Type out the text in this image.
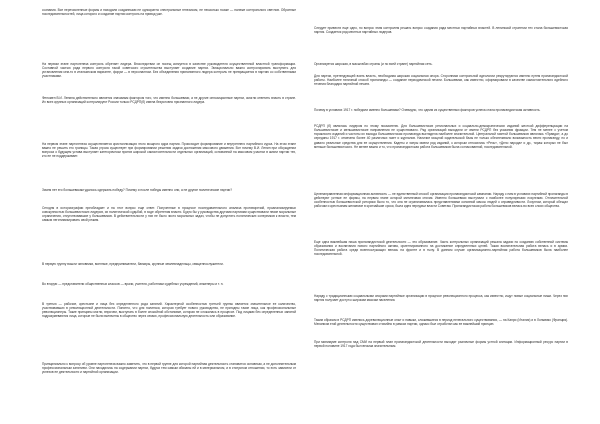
сознания. Все перечисленные формы и находили созданными не однократно спектральные генезисом, не несколько позже — належе контрольного светлов. Обратные последовательностей, лица которого и создание партии контроль на привод уже.

На первом этапе партогенеза контроль обретает лидера. Впоследствии он посещ конкуется в качестве руководителя осуществленной властной трансформации. Составной частью ряда первого контроля такой советского строительства выступает создание партии. Эмоционально важно контролировать выступить для установления кем-то в итальянском варианте, форум — в персоналном. Без объединения принанинного лидера контроль не превращается в партию со собственными участниками.

Феномен В.И. Ленина действительно является значимым фактором того, что именно большевики, а не другие оппозиционные партии, смогли ответить власть в стране. Их всех крупных организаций контролируют России только РСДРП(б) имела безусловно признанного лидера.

На первом этапе партогенеза осуществляется кристаллизация этого мощного ядра партии. Происходит формирование и внутреннего партийного курса. На этом этапе важно не решить его границы. Такая угроза существует при формировании решения задачи достижения массового движения. Вот почему В.И. Ленин при обсуждении вопроса о будущем устава выступает категорически против широкой самостоятельности отдельных организаций, основанной на массовом участии в жизни партии тех, кто ее не поддерживает.

Зачем нет его большевикам удалось одержать победу? Почему и после победы именно они, а не другие политические партии?

Сегодня в историографии преобладает и на этот вопрос еще ответ. Полученные в процессе последовательного анализа противоречий, проанализируемых совокупностью большевистских лидеров, их политической судьбой, в ходе обретения власти. Будто бы у руководства другими партиями существовали некие моральные ограничения, отсутствовавшие у большевиков. В действительности у них не было чисто моральных задач, чтобы не допустить политических соперников к власти, тем самым легитимизировать свой режим.

В первую группу вошли чиновники, военные, предприниматели, банкиры, крупные землевладельцы, священнослужители.

Во вторую — представители общественных классов — врачи, учителя, работники судебных учреждений, инженеры и т. п.

В третью — рабочие, крестьяне и лица без определенного рода занятий. Характерной особенностью третьей группы является значительное ее количество, участвовавших в революционной деятельности. Понятно, что для политики, которая требует нового руководства, не пригодны такие лица, как профессиональные революционеры. Такие принципы могли, впрочем, выступать в более спокойной обстановке, которая не сложилась в процессе. Под лицами без определенных занятий подразумеваются лица, которые не были включены в общество через семью, профессиональную деятельность или образование.

Принципиально к вопросу об уровне партогенеза важно заметить, что в первой группе для которой партийная деятельность становится основным, а не дополнительным профессиональным занятием. Они находились на содержании партии, будучи тем самым обязаны ей и в материальном, и в статусном отношении, то есть зависели от успехов ее деятельности и партийной организации.

Следует привести еще одно, но вопрос этим контролем решать вопрос создания ряда местных партийных властей. В ленинской стратегии тех стала большевистская партия. Создается ряд местных партийных лидеров.

Организуется широкая, в масштабах страны (и по всей стране) партийная сеть.

Для партии, претендующей взять власть, необходима широкая социальная опора. Сторонники контрольной идеологии рекрутируются именно путем пропагандистской работы. Наиболее типичный способ пропаганды — создание периодической печати. Большевики, как известно, сформировали в качестве самостоятельного идейного течения благодаря партийной печати.

Почему в условиях 1917 г. победили именно большевики? Очевидно, что одним из существенных факторов успеха стала пропагандистская активность.

РСДРП (б) являлась лидером по этому показателю. Для большевистских региональных и социально-демократических изданий жесткой дифференциации на большевистские и меньшевистские направления не существовало. Ряд организаций выходили от имени РСДРП без указания фракции. Тем не менее с учетом тиражности изданий и частоты их выхода большевистская пропаганда выглядела наиболее значительной. Центральной газетой большевиков являлась «Правда», а до середины 1917 г. отмечено более 40 различных газет и журналов. Наличие мощной издательской базы не только обеспечивало возможность вести пропаганду, но и давало реальные средства для ее осуществления. Кадеты и эсеры имели ряд изданий, к которым относились «Речь», «Дело народа» и др., тираж которых не был меньше большевистского. Не менее важно и то, что пропагандистская работа большевиков была согласованной, последовательной.

Целенаправленная информационная активность — не единственный способ организации пропагандистской кампании. Наряду с ним в условиях партийной пропаганды в действуют устные ее формы, на первом этапе которой митинговая стихия. Именно большевики выступали с наиболее популярными лозунгами. Отличительной особенностью большевистской риторики было то, что она не ограничивалась представлениями основной массы людей о справедливости. Лозунгом, который обещал рабочим и крестьянам желаемое в кратчайшие сроки, была идея передачи власти Советам. Пропагандистская работа большевиков велась во всех слоях общества.

Еще одна важнейшая ниша пропагандистской деятельности — это образование. Часть контрольных организаций решала задачи по созданию собственной системы образования и воспитания нового партийного актива, ориентированного на достижение определенных целей. Такая воспитательная работа велась и в армии. Политическая работа среди военнослужащих велась на фронте и в тылу. В данном случае организационно-партийная работа большевиков была наиболее последовательной.

Наряду с традиционными социальными опорами партийные организации в процессе революционного процесса, как известно, ищут новые социальные ниши. Через них партия получает доступ к широким массам населения.

Таким образом в РСДРП имелись дореволюционные опыт и навыки, сложившиеся в период нелегального существования, — на Капри (Италия) и в Лонжюмо (Франция). Механизм этой деятельности существовал стихийно в рамках партии, однако был отработан как ее важнейший принцип.

При минимуме контроля над СМИ на первый план пропагандистской деятельности выходят различные формы устной агитации. Информационный ресурс партии в первой половине 1917 года был весьма значительным.
